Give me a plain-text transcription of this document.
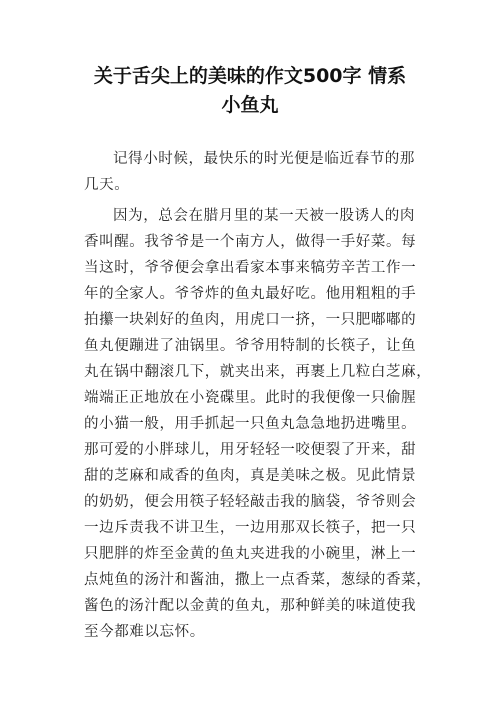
关于舌尖上的美味的作文500字 情系
小鱼丸
记得小时候，最快乐的时光便是临近春节的那
几天。
因为，总会在腊月里的某一天被一股诱人的肉
香叫醒。我爷爷是一个南方人，做得一手好菜。每
当这时，爷爷便会拿出看家本事来犒劳辛苦工作一
年的全家人。爷爷炸的鱼丸最好吃。他用粗粗的手
拍攥一块剁好的鱼肉，用虎口一挤，一只肥嘟嘟的
鱼丸便蹦进了油锅里。爷爷用特制的长筷子，让鱼
丸在锅中翻滚几下，就夹出来，再裹上几粒白芝麻，
端端正正地放在小瓷碟里。此时的我便像一只偷腥
的小猫一般，用手抓起一只鱼丸急急地扔进嘴里。
那可爱的小胖球儿，用牙轻轻一咬便裂了开来，甜
甜的芝麻和咸香的鱼肉，真是美味之极。见此情景
的奶奶，便会用筷子轻轻敲击我的脑袋，爷爷则会
一边斥责我不讲卫生，一边用那双长筷子，把一只
只肥胖的炸至金黄的鱼丸夹进我的小碗里，淋上一
点炖鱼的汤汁和酱油，撒上一点香菜，葱绿的香菜，
酱色的汤汁配以金黄的鱼丸，那种鲜美的味道使我
至今都难以忘怀。
